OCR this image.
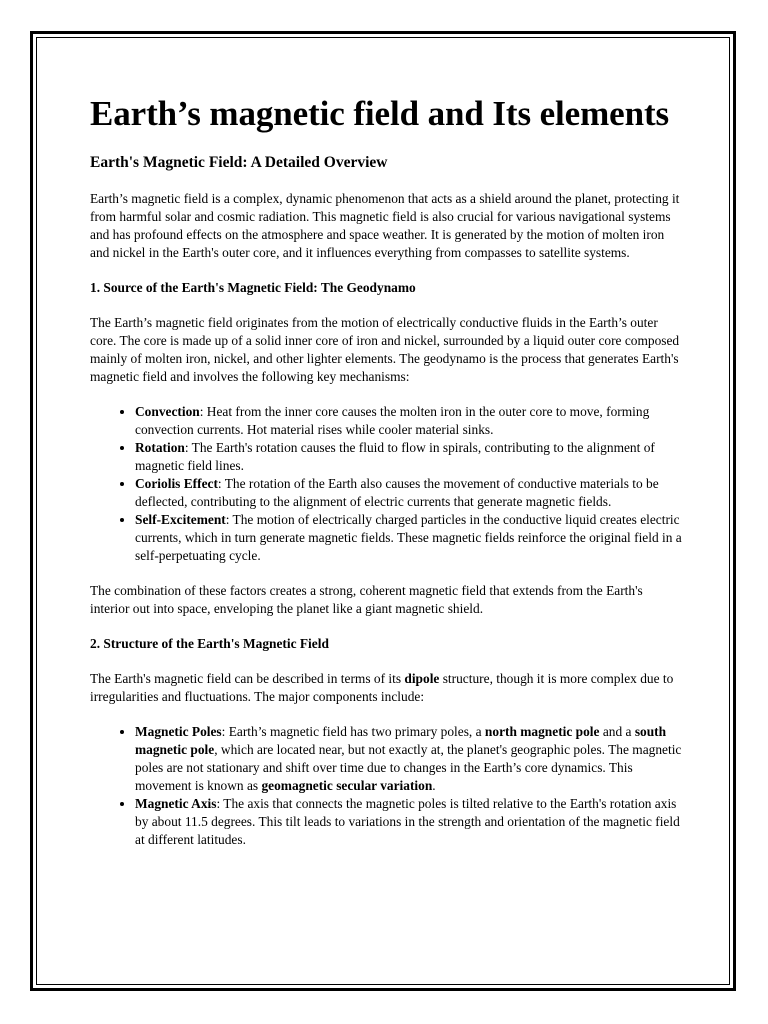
Earth’s magnetic field and Its elements
Earth's Magnetic Field: A Detailed Overview

Earth’s magnetic field is a complex, dynamic phenomenon that acts as a shield around the planet, protecting it from harmful solar and cosmic radiation. This magnetic field is also crucial for various navigational systems and has profound effects on the atmosphere and space weather. It is generated by the motion of molten iron and nickel in the Earth's outer core, and it influences everything from compasses to satellite systems.

1. Source of the Earth's Magnetic Field: The Geodynamo

The Earth’s magnetic field originates from the motion of electrically conductive fluids in the Earth’s outer core. The core is made up of a solid inner core of iron and nickel, surrounded by a liquid outer core composed mainly of molten iron, nickel, and other lighter elements. The geodynamo is the process that generates Earth's magnetic field and involves the following key mechanisms:

• Convection: Heat from the inner core causes the molten iron in the outer core to move, forming convection currents. Hot material rises while cooler material sinks.
• Rotation: The Earth's rotation causes the fluid to flow in spirals, contributing to the alignment of magnetic field lines.
• Coriolis Effect: The rotation of the Earth also causes the movement of conductive materials to be deflected, contributing to the alignment of electric currents that generate magnetic fields.
• Self-Excitement: The motion of electrically charged particles in the conductive liquid creates electric currents, which in turn generate magnetic fields. These magnetic fields reinforce the original field in a self-perpetuating cycle.

The combination of these factors creates a strong, coherent magnetic field that extends from the Earth's interior out into space, enveloping the planet like a giant magnetic shield.

2. Structure of the Earth's Magnetic Field

The Earth's magnetic field can be described in terms of its dipole structure, though it is more complex due to irregularities and fluctuations. The major components include:

• Magnetic Poles: Earth’s magnetic field has two primary poles, a north magnetic pole and a south magnetic pole, which are located near, but not exactly at, the planet's geographic poles. The magnetic poles are not stationary and shift over time due to changes in the Earth’s core dynamics. This movement is known as geomagnetic secular variation.
• Magnetic Axis: The axis that connects the magnetic poles is tilted relative to the Earth's rotation axis by about 11.5 degrees. This tilt leads to variations in the strength and orientation of the magnetic field at different latitudes.
